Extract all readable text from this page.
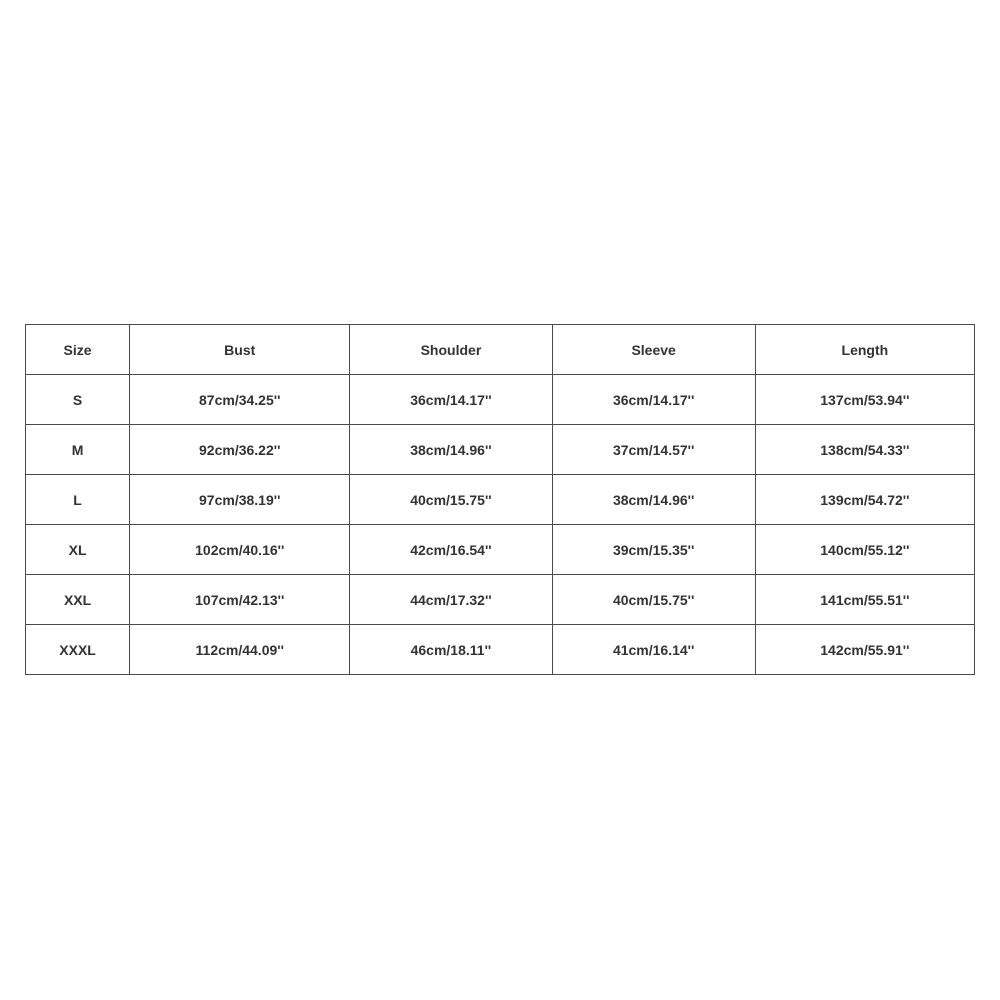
Size	Bust	Shoulder	Sleeve	Length
S	87cm/34.25''	36cm/14.17''	36cm/14.17''	137cm/53.94''
M	92cm/36.22''	38cm/14.96''	37cm/14.57''	138cm/54.33''
L	97cm/38.19''	40cm/15.75''	38cm/14.96''	139cm/54.72''
XL	102cm/40.16''	42cm/16.54''	39cm/15.35''	140cm/55.12''
XXL	107cm/42.13''	44cm/17.32''	40cm/15.75''	141cm/55.51''
XXXL	112cm/44.09''	46cm/18.11''	41cm/16.14''	142cm/55.91''
